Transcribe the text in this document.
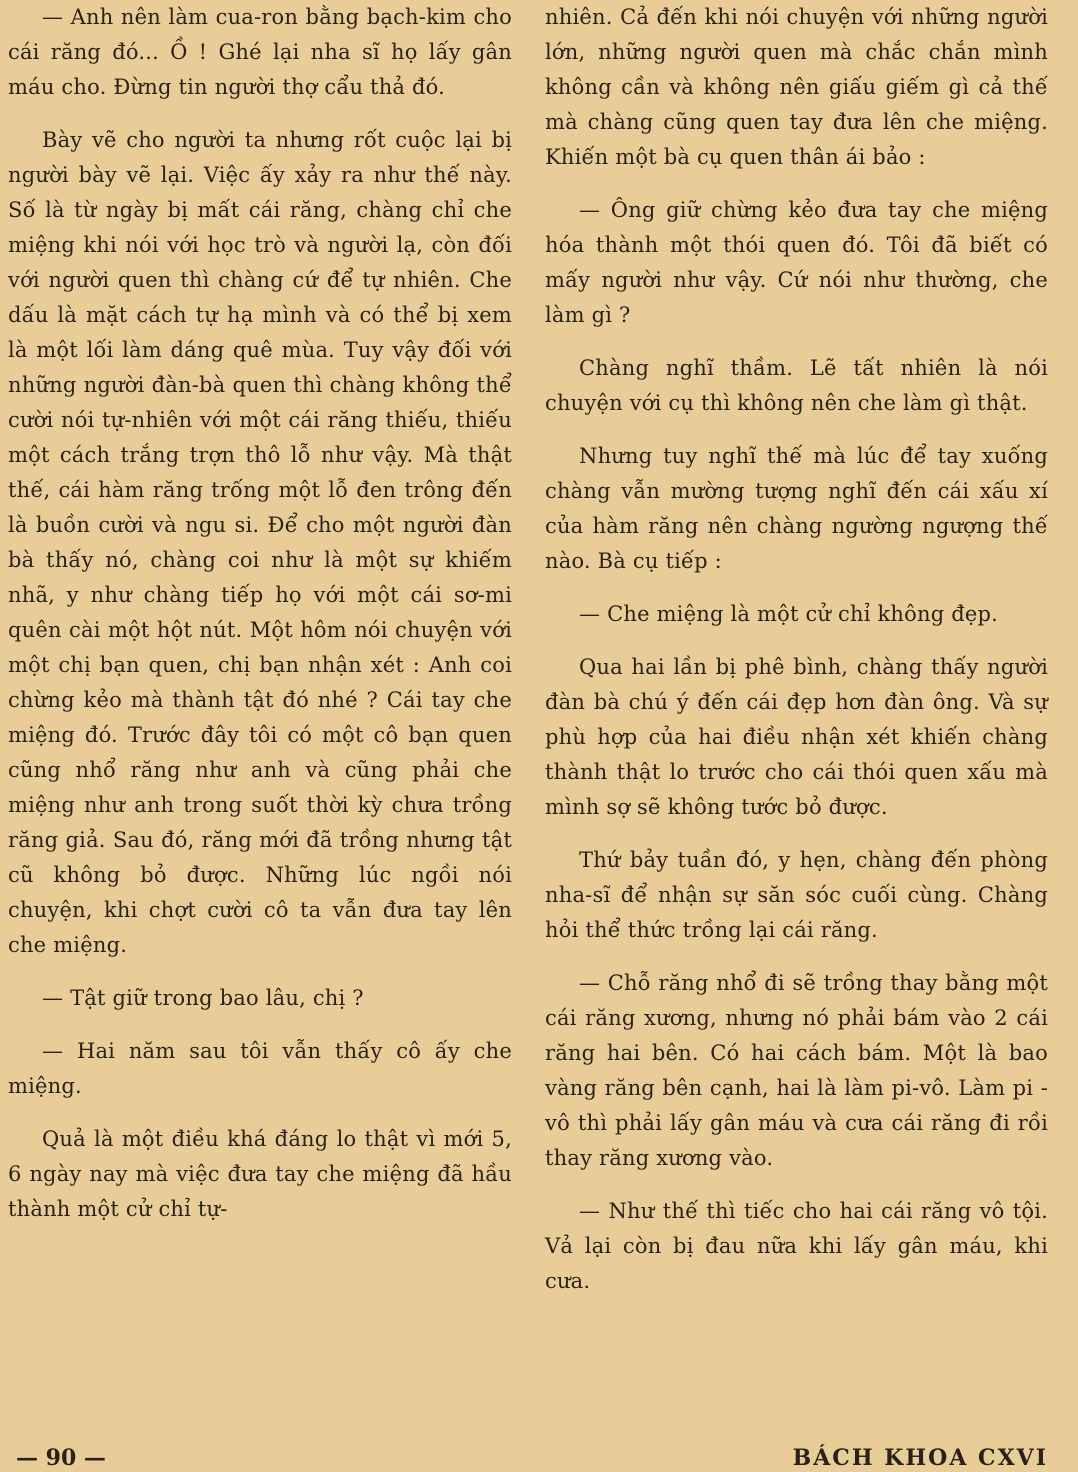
— Anh nên làm cua-ron bằng bạch-kim cho cái răng đó... Ồ ! Ghé lại nha sĩ họ lấy gân máu cho. Đừng tin người thợ cẩu thả đó.

Bày vẽ cho người ta nhưng rốt cuộc lại bị người bày vẽ lại. Việc ấy xảy ra như thế này. Số là từ ngày bị mất cái răng, chàng chỉ che miệng khi nói với học trò và người lạ, còn đối với người quen thì chàng cứ để tự nhiên. Che dấu là mặt cách tự hạ mình và có thể bị xem là một lối làm dáng quê mùa. Tuy vậy đối với những người đàn-bà quen thì chàng không thể cười nói tự-nhiên với một cái răng thiếu, thiếu một cách trắng trợn thô lỗ như vậy. Mà thật thế, cái hàm răng trống một lỗ đen trông đến là buồn cười và ngu si. Để cho một người đàn bà thấy nó, chàng coi như là một sự khiếm nhã, y như chàng tiếp họ với một cái sơ-mi quên cài một hột nút. Một hôm nói chuyện với một chị bạn quen, chị bạn nhận xét : Anh coi chừng kẻo mà thành tật đó nhé ? Cái tay che miệng đó. Trước đây tôi có một cô bạn quen cũng nhổ răng như anh và cũng phải che miệng như anh trong suốt thời kỳ chưa trồng răng giả. Sau đó, răng mới đã trồng nhưng tật cũ không bỏ được. Những lúc ngồi nói chuyện, khi chợt cười cô ta vẫn đưa tay lên che miệng.

— Tật giữ trong bao lâu, chị ?

— Hai năm sau tôi vẫn thấy cô ấy che miệng.

Quả là một điều khá đáng lo thật vì mới 5, 6 ngày nay mà việc đưa tay che miệng đã hầu thành một cử chỉ tự-

nhiên. Cả đến khi nói chuyện với những người lớn, những người quen mà chắc chắn mình không cần và không nên giấu giếm gì cả thế mà chàng cũng quen tay đưa lên che miệng. Khiến một bà cụ quen thân ái bảo :

— Ông giữ chừng kẻo đưa tay che miệng hóa thành một thói quen đó. Tôi đã biết có mấy người như vậy. Cứ nói như thường, che làm gì ?

Chàng nghĩ thầm. Lẽ tất nhiên là nói chuyện với cụ thì không nên che làm gì thật.

Nhưng tuy nghĩ thế mà lúc để tay xuống chàng vẫn mường tượng nghĩ đến cái xấu xí của hàm răng nên chàng ngường ngượng thế nào. Bà cụ tiếp :

— Che miệng là một cử chỉ không đẹp.

Qua hai lần bị phê bình, chàng thấy người đàn bà chú ý đến cái đẹp hơn đàn ông. Và sự phù hợp của hai điều nhận xét khiến chàng thành thật lo trước cho cái thói quen xấu mà mình sợ sẽ không tước bỏ được.

Thứ bảy tuần đó, y hẹn, chàng đến phòng nha-sĩ để nhận sự săn sóc cuối cùng. Chàng hỏi thể thức trồng lại cái răng.

— Chỗ răng nhổ đi sẽ trồng thay bằng một cái răng xương, nhưng nó phải bám vào 2 cái răng hai bên. Có hai cách bám. Một là bao vàng răng bên cạnh, hai là làm pi-vô. Làm pi - vô thì phải lấy gân máu và cưa cái răng đi rồi thay răng xương vào.

— Như thế thì tiếc cho hai cái răng vô tội. Vả lại còn bị đau nữa khi lấy gân máu, khi cưa.

— 90 —	BÁCH KHOA CXVI
